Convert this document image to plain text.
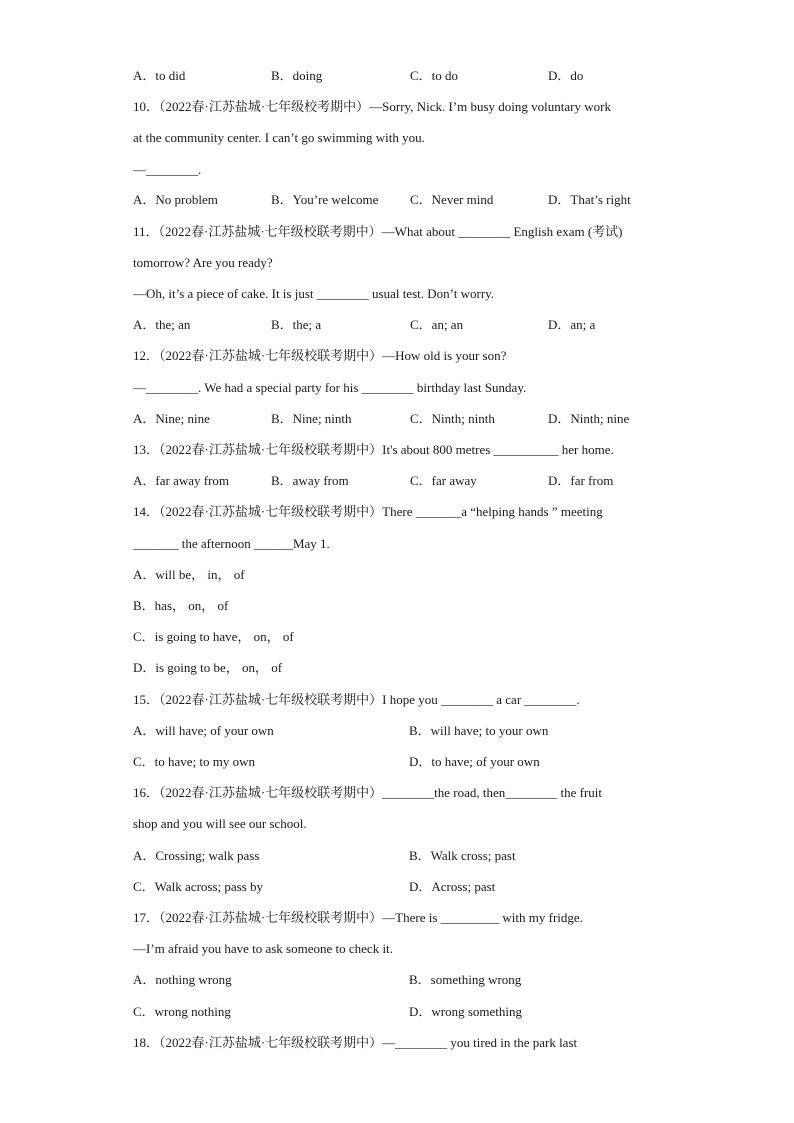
A．to did	B．doing	C．to do	D．do
10．（2022春·江苏盐城·七年级校考期中）—Sorry, Nick. I’m busy doing voluntary work
at the community center. I can’t go swimming with you.
—________.
A．No problem	B．You’re welcome C．Never mind	D．That’s right
11．（2022春·江苏盐城·七年级校联考期中）—What about ________ English exam (考试)
tomorrow? Are you ready?
—Oh, it’s a piece of cake. It is just ________ usual test. Don’t worry.
A．the; an	B．the; a	C．an; an	D．an; a
12．（2022春·江苏盐城·七年级校联考期中）—How old is your son?
—________. We had a special party for his ________ birthday last Sunday.
A．Nine; nine	B．Nine; ninth	C．Ninth; ninth	D．Ninth; nine
13．（2022春·江苏盐城·七年级校联考期中）It's about 800 metres __________ her home.
A．far away from	B．away from	C．far away	D．far from
14．（2022春·江苏盐城·七年级校联考期中）There _______a “helping hands ” meeting
_______ the afternoon ______May 1.
A．will be， in， of
B．has， on， of
C．is going to have， on， of
D．is going to be， on， of
15．（2022春·江苏盐城·七年级校联考期中）I hope you ________ a car ________.
A．will have; of your own	B．will have; to your own
C．to have; to my own	D．to have; of your own
16．（2022春·江苏盐城·七年级校联考期中）________the road, then________ the fruit
shop and you will see our school.
A．Crossing; walk pass	B．Walk cross; past
C．Walk across; pass by	D．Across; past
17．（2022春·江苏盐城·七年级校联考期中）—There is _________ with my fridge.
—I’m afraid you have to ask someone to check it.
A．nothing wrong	B．something wrong
C．wrong nothing	D．wrong something
18．（2022春·江苏盐城·七年级校联考期中）—________ you tired in the park last
